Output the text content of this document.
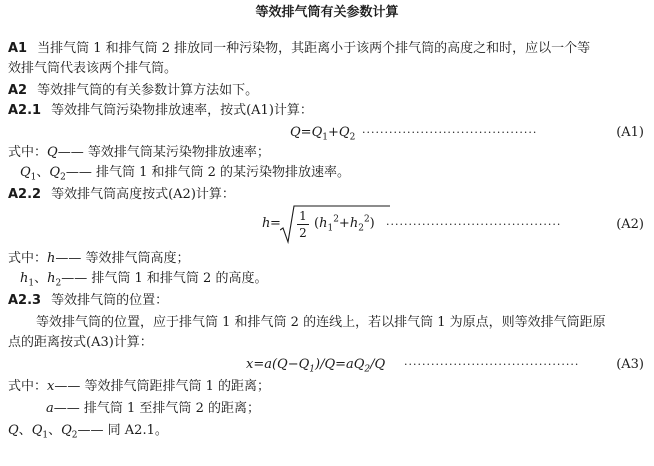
等效排气筒有关参数计算
A1 当排气筒 1 和排气筒 2 排放同一种污染物，其距离小于该两个排气筒的高度之和时，应以一个等
效排气筒代表该两个排气筒。
A2 等效排气筒的有关参数计算方法如下。
A2.1 等效排气筒污染物排放速率，按式(A1)计算：
$Q=Q_1+Q_2$ ·······································	(A1)
式中：Q—— 等效排气筒某污染物排放速率；
$Q_1$、$Q_2——$ 排气筒 1 和排气筒 2 的某污染物排放速率。
A2.2 等效排气筒高度按式(A2)计算：
h = 1
2
$(h_1^2+h_2^2)$ ·······································	(A2)
式中：h—— 等效排气筒高度；
$h_1$、$h_2——$ 排气筒 1 和排气筒 2 的高度。
A2.3 等效排气筒的位置：
等效排气筒的位置，应于排气筒 1 和排气筒 2 的连线上，若以排气筒 1 为原点，则等效排气筒距原
点的距离按式(A3)计算：
$x=a(Q-Q_1)/Q=aQ_2/Q$ ·······································	(A3)
式中：x—— 等效排气筒距排气筒 1 的距离；
a—— 排气筒 1 至排气筒 2 的距离；
Q、$Q_1$、$Q_2——$ 同 A2.1。
